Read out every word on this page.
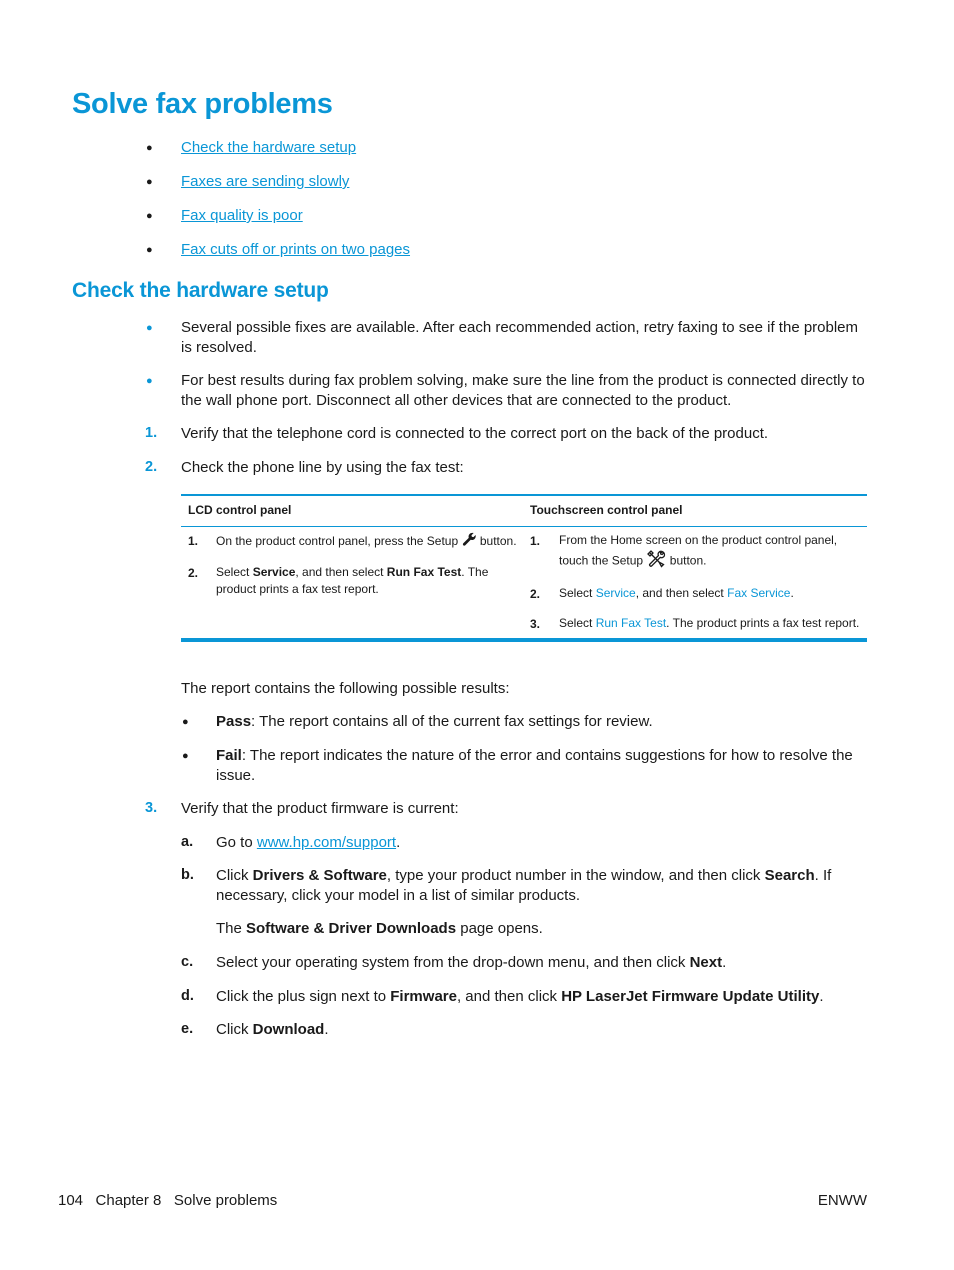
Solve fax problems
● Check the hardware setup
● Faxes are sending slowly
● Fax quality is poor
● Fax cuts off or prints on two pages
Check the hardware setup
● Several possible fixes are available. After each recommended action, retry faxing to see if the problem
is resolved.
● For best results during fax problem solving, make sure the line from the product is connected directly to
the wall phone port. Disconnect all other devices that are connected to the product.
1. Verify that the telephone cord is connected to the correct port on the back of the product.
2. Check the phone line by using the fax test:
LCD control panel	Touchscreen control panel
1. On the product control panel, press the Setup button.
2. Select Service, and then select Run Fax Test. The
product prints a fax test report.
1. From the Home screen on the product control panel,
touch the Setup button.
2. Select Service, and then select Fax Service.
3. Select Run Fax Test. The product prints a fax test report.
The report contains the following possible results:
● Pass: The report contains all of the current fax settings for review.
● Fail: The report indicates the nature of the error and contains suggestions for how to resolve the
issue.
3. Verify that the product firmware is current:
a. Go to www.hp.com/support.
b. Click Drivers & Software, type your product number in the window, and then click Search. If
necessary, click your model in a list of similar products.
The Software & Driver Downloads page opens.
c. Select your operating system from the drop-down menu, and then click Next.
d. Click the plus sign next to Firmware, and then click HP LaserJet Firmware Update Utility.
e. Click Download.
104   Chapter 8   Solve problems	ENWW
